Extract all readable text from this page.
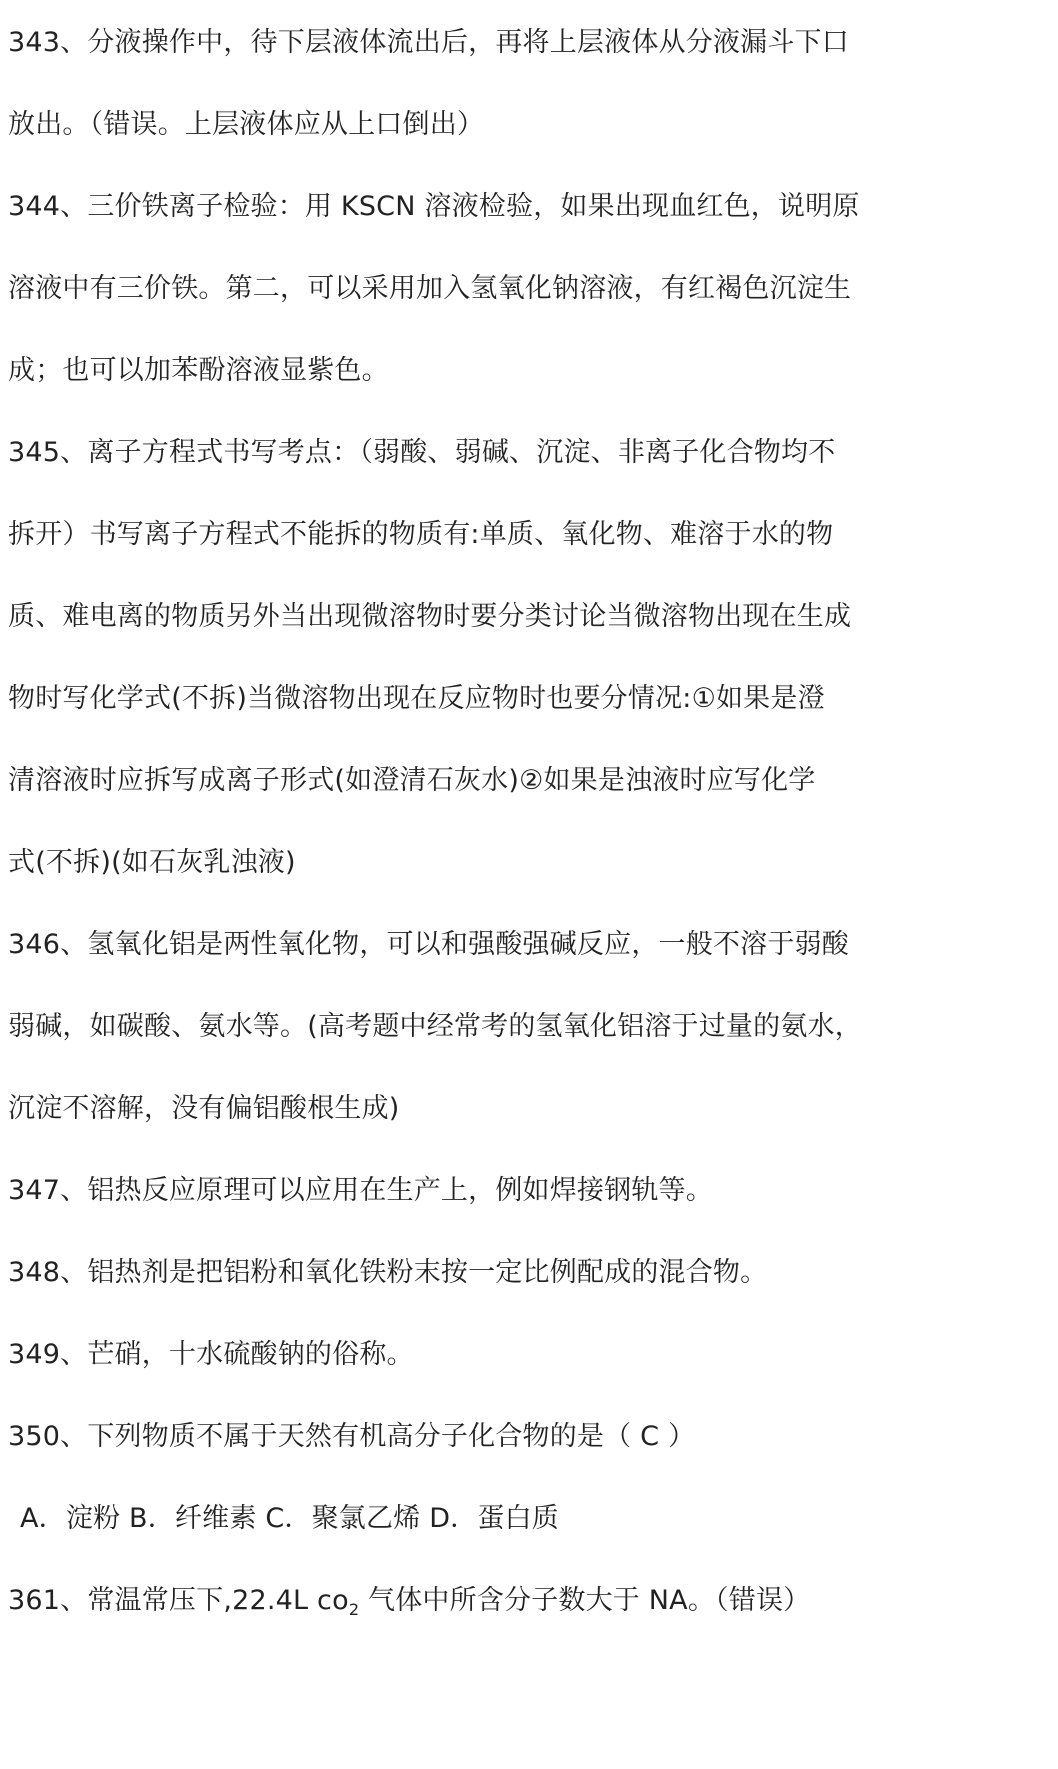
343、分液操作中，待下层液体流出后，再将上层液体从分液漏斗下口
放出。（错误。上层液体应从上口倒出）
344、三价铁离子检验：用 KSCN 溶液检验，如果出现血红色，说明原
溶液中有三价铁。第二，可以采用加入氢氧化钠溶液，有红褐色沉淀生
成；也可以加苯酚溶液显紫色。
345、离子方程式书写考点：（弱酸、弱碱、沉淀、非离子化合物均不
拆开）书写离子方程式不能拆的物质有:单质、氧化物、难溶于水的物
质、难电离的物质另外当出现微溶物时要分类讨论当微溶物出现在生成
物时写化学式(不拆)当微溶物出现在反应物时也要分情况:①如果是澄
清溶液时应拆写成离子形式(如澄清石灰水)②如果是浊液时应写化学
式(不拆)(如石灰乳浊液)
346、氢氧化铝是两性氧化物，可以和强酸强碱反应，一般不溶于弱酸
弱碱，如碳酸、氨水等。(高考题中经常考的氢氧化铝溶于过量的氨水，
沉淀不溶解，没有偏铝酸根生成)
347、铝热反应原理可以应用在生产上，例如焊接钢轨等。
348、铝热剂是把铝粉和氧化铁粉末按一定比例配成的混合物。
349、芒硝，十水硫酸钠的俗称。
350、下列物质不属于天然有机高分子化合物的是（ C ）
A．淀粉 B．纤维素 C．聚氯乙烯 D．蛋白质
361、常温常压下,22.4L $co_2$ 气体中所含分子数大于 NA。（错误）
